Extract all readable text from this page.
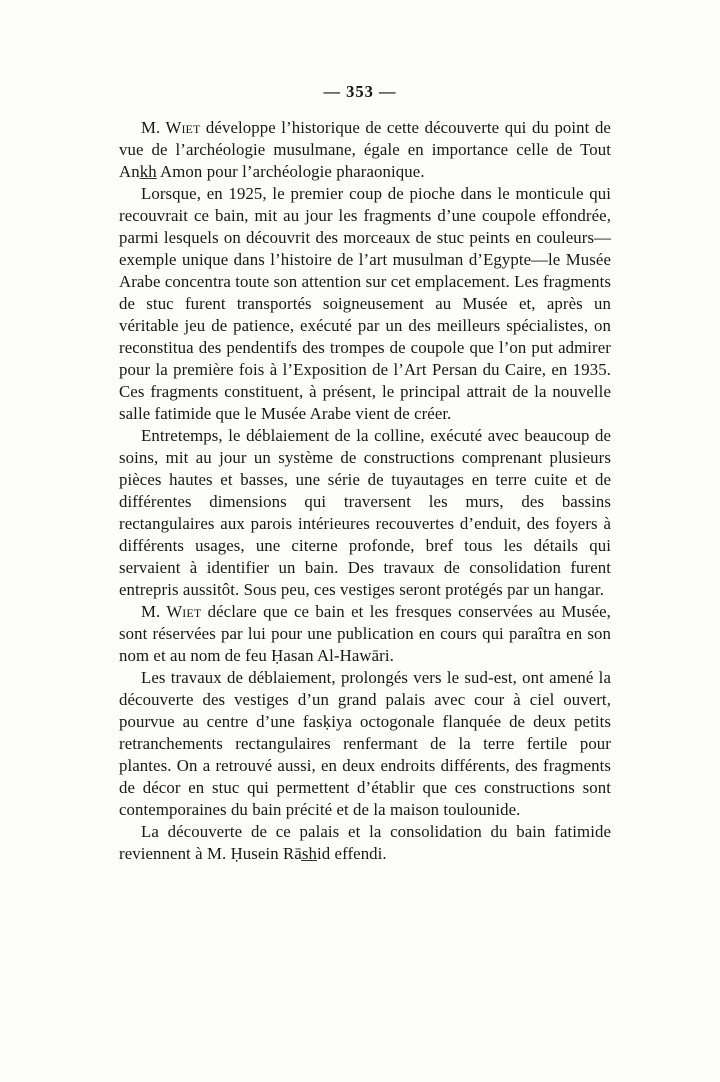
— 353 —

M. Wiet développe l’historique de cette découverte qui du point de vue de l’archéologie musulmane, égale en importance celle de Tout Ank̲h̲ Amon pour l’archéologie pharaonique.

Lorsque, en 1925, le premier coup de pioche dans le monticule qui recouvrait ce bain, mit au jour les fragments d’une coupole effondrée, parmi lesquels on découvrit des morceaux de stuc peints en couleurs—exemple unique dans l’histoire de l’art musulman d’Egypte—le Musée Arabe concentra toute son attention sur cet emplacement. Les fragments de stuc furent transportés soigneusement au Musée et, après un véritable jeu de patience, exécuté par un des meilleurs spécialistes, on reconstitua des pendentifs des trompes de coupole que l’on put admirer pour la première fois à l’Exposition de l’Art Persan du Caire, en 1935. Ces fragments constituent, à présent, le principal attrait de la nouvelle salle fatimide que le Musée Arabe vient de créer.

Entretemps, le déblaiement de la colline, exécuté avec beaucoup de soins, mit au jour un système de constructions comprenant plusieurs pièces hautes et basses, une série de tuyautages en terre cuite et de différentes dimensions qui traversent les murs, des bassins rectangulaires aux parois intérieures recouvertes d’enduit, des foyers à différents usages, une citerne profonde, bref tous les détails qui servaient à identifier un bain. Des travaux de consolidation furent entrepris aussitôt. Sous peu, ces vestiges seront protégés par un hangar.

M. Wiet déclare que ce bain et les fresques conservées au Musée, sont réservées par lui pour une publication en cours qui paraîtra en son nom et au nom de feu Ḥasan Al-Hawāri.

Les travaux de déblaiement, prolongés vers le sud-est, ont amené la découverte des vestiges d’un grand palais avec cour à ciel ouvert, pourvue au centre d’une fasḳiya octogonale flanquée de deux petits retranchements rectangulaires renfermant de la terre fertile pour plantes. On a retrouvé aussi, en deux endroits différents, des fragments de décor en stuc qui permettent d’établir que ces constructions sont contemporaines du bain précité et de la maison toulounide.

La découverte de ce palais et la consolidation du bain fatimide reviennent à M. Ḥusein Rās̲h̲id effendi.
